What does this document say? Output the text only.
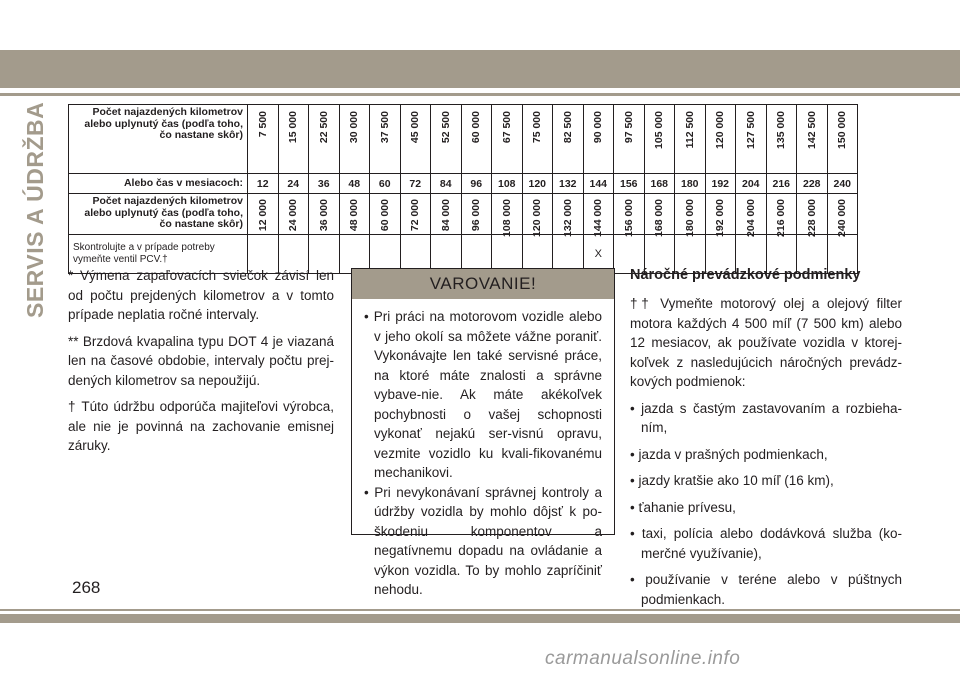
SERVIS A ÚDRŽBA	Počet najazdených kilometrov alebo uplynutý čas (podľa toho, čo nastane skôr)	7 500	15 000	22 500	30 000	37 500	45 000	52 500	60 000	67 500	75 000	82 500	90 000	97 500	105 000	112 500	120 000	127 500	135 000	142 500	150 000

Alebo čas v mesiacoch:	12	24	36	48	60	72	84	96	108	120	132	144	156	168	180	192	204	216	228	240
Počet najazdených kilometrov alebo uplynutý čas (podľa toho, čo nastane skôr)	12 000	24 000	36 000	48 000	60 000	72 000	84 000	96 000	108 000	120 000	132 000	144 000	156 000	168 000	180 000	192 000	204 000	216 000	228 000	240 000

Skontrolujte a v prípade potreby vymeňte ventil PCV.†												X								

* Výmena zapaľovacích sviečok závisí len od počtu prejdených kilometrov a v tomto prípade neplatia ročné intervaly.

** Brzdová kvapalina typu DOT 4 je viazaná len na časové obdobie, intervaly počtu prej-dených kilometrov sa nepoužijú.

† Túto údržbu odporúča majiteľovi výrobca, ale nie je povinná na zachovanie emisnej záruky.

VAROVANIE!
• Pri práci na motorovom vozidle alebo v jeho okolí sa môžete vážne poraniť. Vykonávajte len také servisné práce, na ktoré máte znalosti a správne vybave-nie. Ak máte akékoľvek pochybnosti o vašej schopnosti vykonať nejakú ser-visnú opravu, vezmite vozidlo ku kvali-fikovanému mechanikovi.
• Pri nevykonávaní správnej kontroly a údržby vozidla by mohlo dôjsť k po-škodeniu komponentov a negatívnemu dopadu na ovládanie a výkon vozidla. To by mohlo zapríčiniť nehodu.
Náročné prevádzkové podmienky

†† Vymeňte motorový olej a olejový filter motora každých 4 500 míľ (7 500 km) alebo 12 mesiacov, ak používate vozidla v ktorej-koľvek z nasledujúcich náročných prevádz-kových podmienok:

• jazda s častým zastavovaním a rozbieha-ním,
• jazda v prašných podmienkach,
• jazdy kratšie ako 10 míľ (16 km),
• ťahanie prívesu,
• taxi, polícia alebo dodávková služba (ko-merčné využívanie),
• používanie v teréne alebo v púštnych podmienkach.
268
carmanualsonline.info
